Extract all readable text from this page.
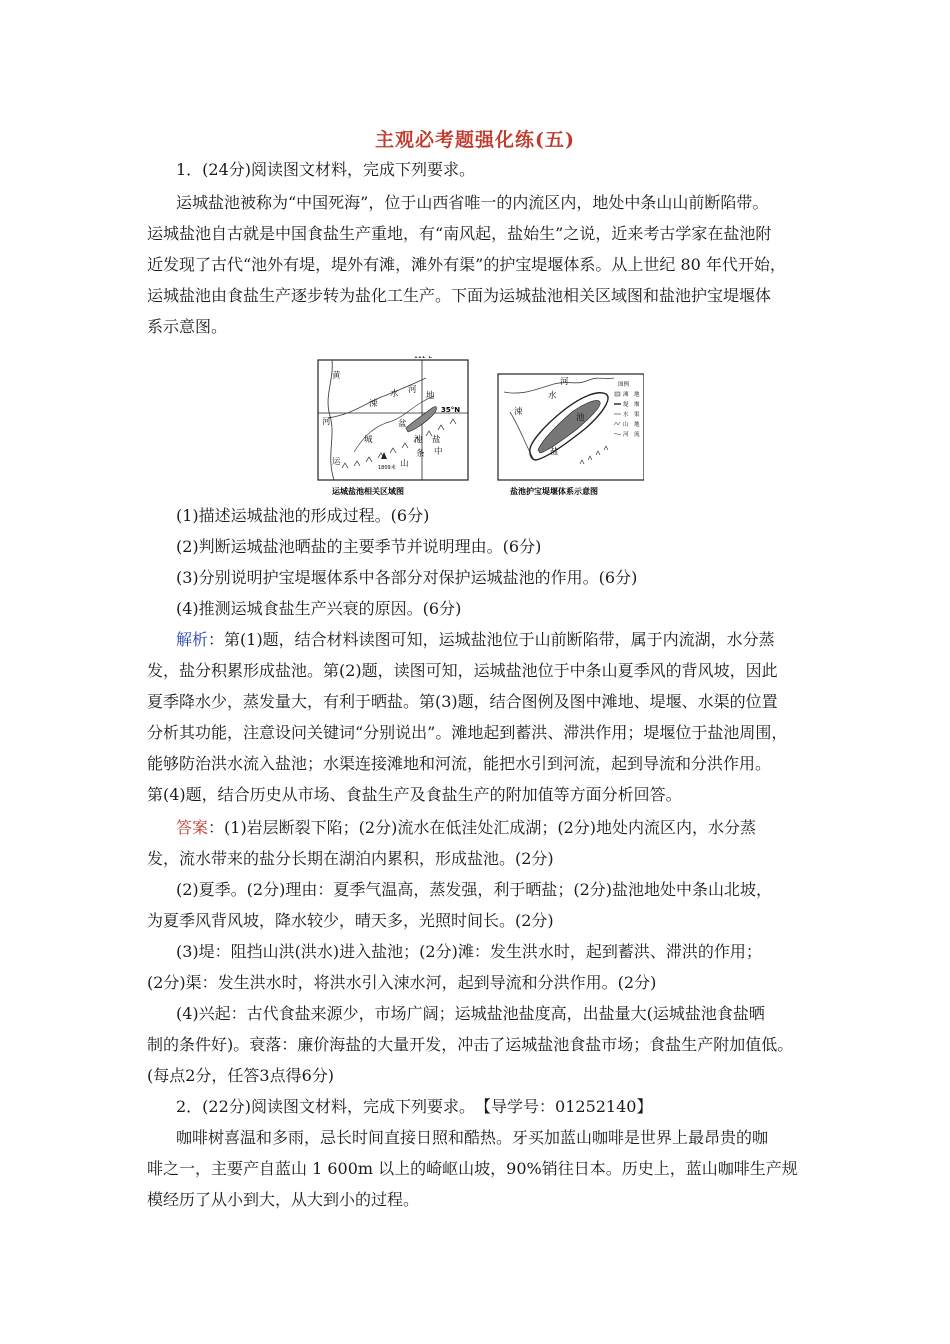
主观必考题强化练(五)
1．(24分)阅读图文材料，完成下列要求。
运城盐池被称为“中国死海”，位于山西省唯一的内流区内，地处中条山山前断陷带。
运城盐池自古就是中国食盐生产重地，有“南风起，盐始生”之说，近来考古学家在盐池附
近发现了古代“池外有堤，堤外有滩，滩外有渠”的护宝堤堰体系。从上世纪 80 年代开始，
运城盐池由食盐生产逐步转为盐化工生产。下面为运城盐池相关区域图和盐池护宝堤堰体
系示意图。
111°E
35°N
黄
河
涑
水 河
地
盆
池 盐
中
条
山
城
运
1809米
运城盐池相关区域图
河
水
涑
池
盐
图例
滩　地
堤　堰
水　渠
山　地
河　流
盐池护宝堤堰体系示意图
(1)描述运城盐池的形成过程。(6分)
(2)判断运城盐池晒盐的主要季节并说明理由。(6分)
(3)分别说明护宝堤堰体系中各部分对保护运城盐池的作用。(6分)
(4)推测运城食盐生产兴衰的原因。(6分)
解析：第(1)题，结合材料读图可知，运城盐池位于山前断陷带，属于内流湖，水分蒸
发，盐分积累形成盐池。第(2)题，读图可知，运城盐池位于中条山夏季风的背风坡，因此
夏季降水少，蒸发量大，有利于晒盐。第(3)题，结合图例及图中滩地、堤堰、水渠的位置
分析其功能，注意设问关键词“分别说出”。滩地起到蓄洪、滞洪作用；堤堰位于盐池周围，
能够防治洪水流入盐池；水渠连接滩地和河流，能把水引到河流，起到导流和分洪作用。
第(4)题，结合历史从市场、食盐生产及食盐生产的附加值等方面分析回答。
答案：(1)岩层断裂下陷；(2分)流水在低洼处汇成湖；(2分)地处内流区内，水分蒸
发，流水带来的盐分长期在湖泊内累积，形成盐池。(2分)
(2)夏季。(2分)理由：夏季气温高，蒸发强，利于晒盐；(2分)盐池地处中条山北坡，
为夏季风背风坡，降水较少，晴天多，光照时间长。(2分)
(3)堤：阻挡山洪(洪水)进入盐池；(2分)滩：发生洪水时，起到蓄洪、滞洪的作用；
(2分)渠：发生洪水时，将洪水引入涑水河，起到导流和分洪作用。(2分)
(4)兴起：古代食盐来源少，市场广阔；运城盐池盐度高，出盐量大(运城盐池食盐晒
制的条件好)。衰落：廉价海盐的大量开发，冲击了运城盐池食盐市场；食盐生产附加值低。
(每点2分，任答3点得6分)
2．(22分)阅读图文材料，完成下列要求。　【导学号：01252140】
咖啡树喜温和多雨，忌长时间直接日照和酷热。牙买加蓝山咖啡是世界上最昂贵的咖
啡之一，主要产自蓝山 1 600m 以上的崎岖山坡，90%销往日本。历史上，蓝山咖啡生产规
模经历了从小到大，从大到小的过程。
